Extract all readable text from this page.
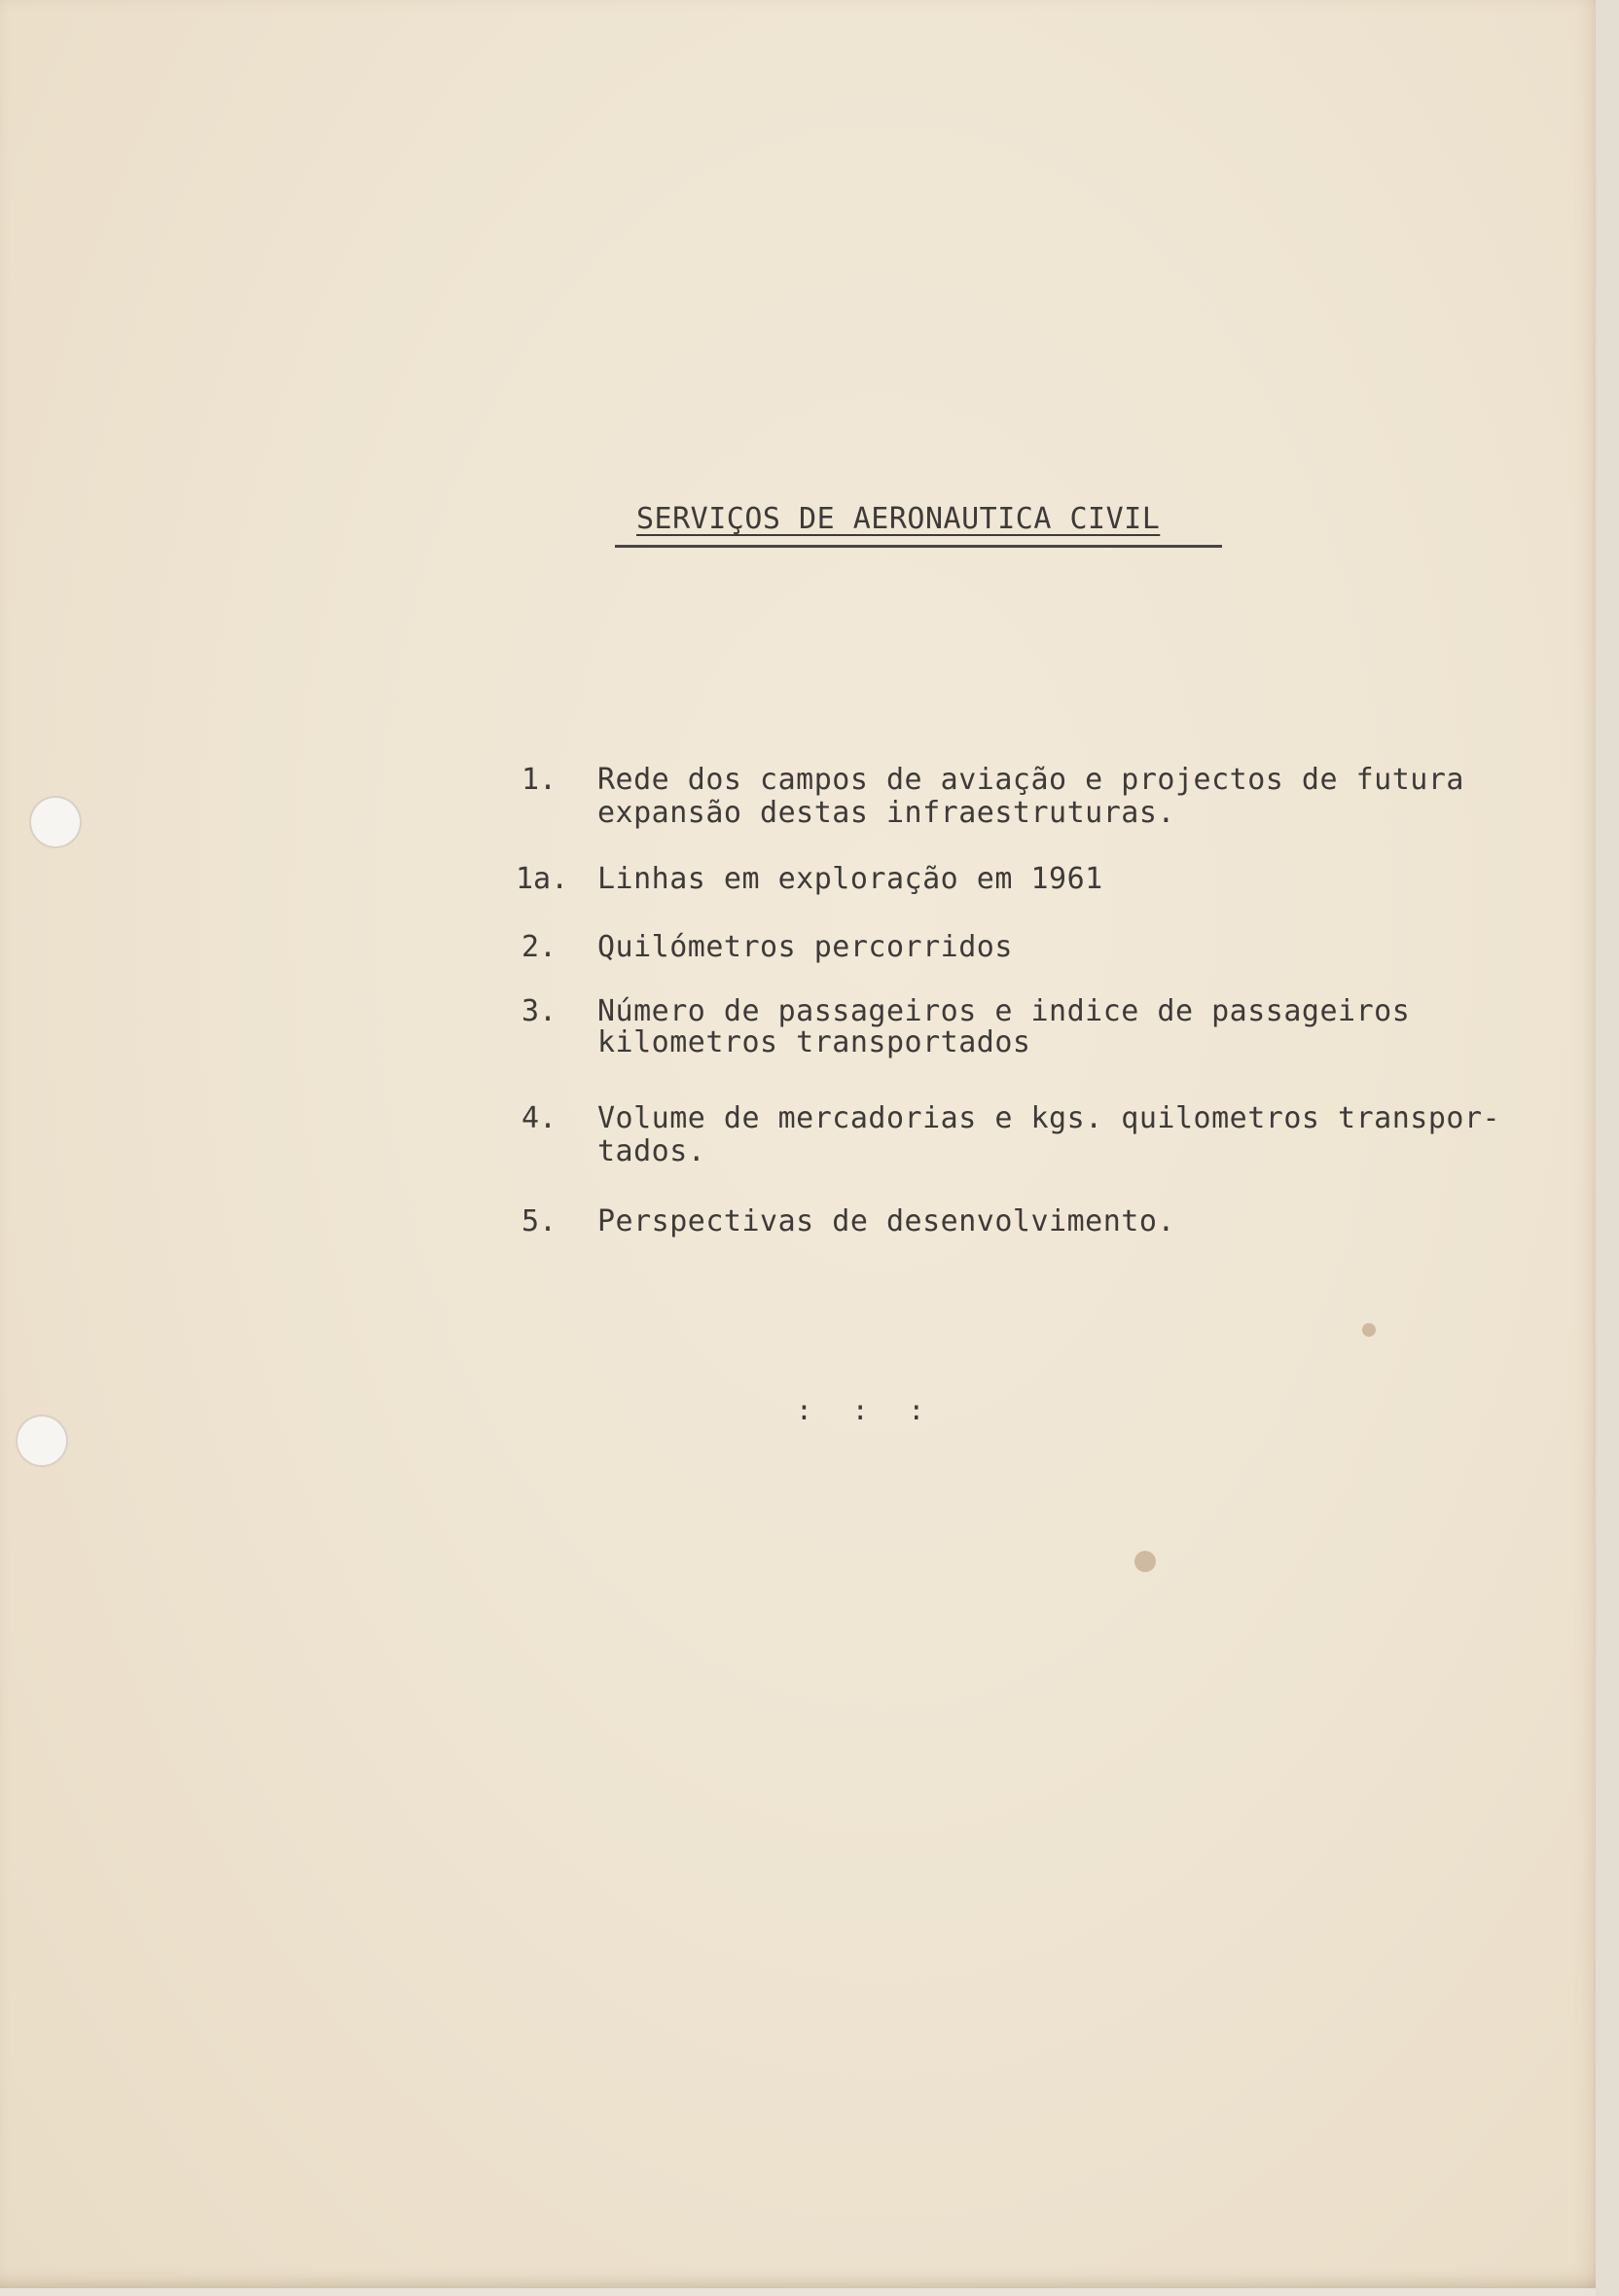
SERVIÇOS DE AERONAUTICA CIVIL
1. Rede dos campos de aviação e projectos de futura
expansão destas infraestruturas.
1a. Linhas em exploração em 1961
2. Quilómetros percorridos
3. Número de passageiros e indice de passageiros
kilometros transportados
4. Volume de mercadorias e kgs. quilometros transpor-
tados.
5. Perspectivas de desenvolvimento.
: : :
